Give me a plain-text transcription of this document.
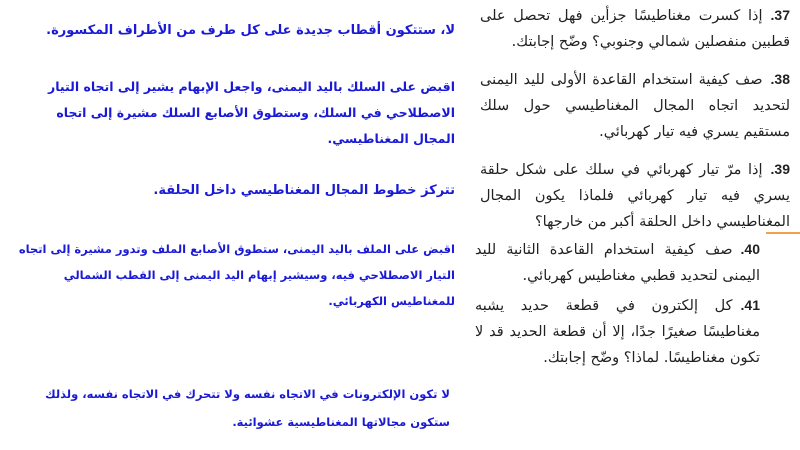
37.إذا كسرت مغناطيسًا جزأين فهل تحصل على قطبين منفصلين شمالي وجنوبي؟ وضّح إجابتك.
38.صف كيفية استخدام القاعدة الأولى لليد اليمنى لتحديد اتجاه المجال المغناطيسي حول سلك مستقيم يسري فيه تيار كهربائي.
39.إذا مرّ تيار كهربائي في سلك على شكل حلقة يسري فيه تيار كهربائي فلماذا يكون المجال المغناطيسي داخل الحلقة أكبر من خارجها؟
40.صف كيفية استخدام القاعدة الثانية لليد اليمنى لتحديد قطبي مغناطيس كهربائي.
41.كل إلكترون في قطعة حديد يشبه مغناطيسًا صغيرًا جدًا، إلا أن قطعة الحديد قد لا تكون مغناطيسًا. لماذا؟ وضّح إجابتك.
لا، ستتكون أقطاب جديدة على كل طرف من الأطراف المكسورة.
اقبض على السلك باليد اليمنى، واجعل الإبهام يشير إلى اتجاه التيار الاصطلاحي في السلك، وستطوق الأصابع السلك مشيرة إلى اتجاه المجال المغناطيسي.
تتركز خطوط المجال المغناطيسي داخل الحلقة.
اقبض على الملف باليد اليمنى، ستطوق الأصابع الملف وتدور مشيرة إلى اتجاه التيار الاصطلاحي فيه، وسيشير إبهام اليد اليمنى إلى القطب الشمالي للمغناطيس الكهربائي.
لا تكون الإلكترونات في الاتجاه نفسه ولا تتحرك في الاتجاه نفسه، ولذلك ستكون مجالاتها المغناطيسية عشوائية.
